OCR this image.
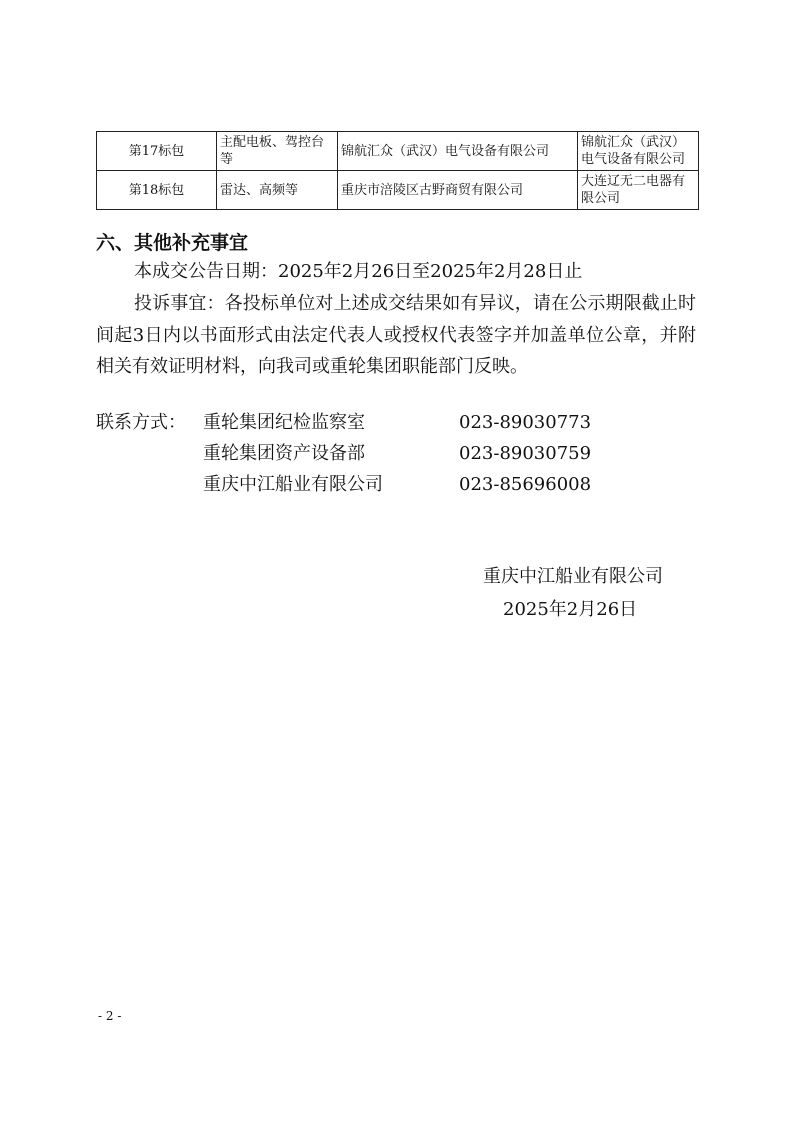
第17标包	主配电板、驾控台等	锦航汇众（武汉）电气设备有限公司	锦航汇众（武汉）电气设备有限公司
第18标包	雷达、高频等	重庆市涪陵区古野商贸有限公司	大连辽无二电器有限公司
六、其他补充事宜
本成交公告日期：2025年2月26日至2025年2月28日止
投诉事宜：各投标单位对上述成交结果如有异议，请在公示期限截止时间起3日内以书面形式由法定代表人或授权代表签字并加盖单位公章，并附相关有效证明材料，向我司或重轮集团职能部门反映。
联系方式： 重轮集团纪检监察室	023-89030773
重轮集团资产设备部	023-89030759
重庆中江船业有限公司	023-85696008
重庆中江船业有限公司
2025年2月26日
- 2 -
